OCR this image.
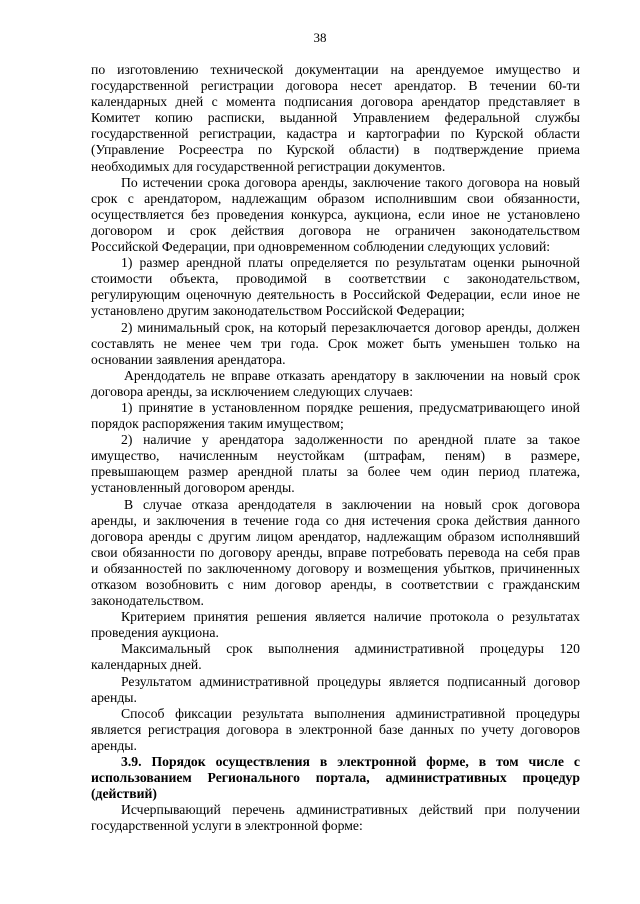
38
по изготовлению технической документации на арендуемое имущество и
государственной регистрации договора несет арендатор. В течении 60-ти
календарных дней с момента подписания договора арендатор представляет в
Комитет копию расписки, выданной Управлением федеральной службы
государственной регистрации, кадастра и картографии по Курской области
(Управление Росреестра по Курской области) в подтверждение приема
необходимых для государственной регистрации документов.
По истечении срока договора аренды, заключение такого договора на новый
срок с арендатором, надлежащим образом исполнившим свои обязанности,
осуществляется без проведения конкурса, аукциона, если иное не установлено
договором и срок действия договора не ограничен законодательством
Российской Федерации, при одновременном соблюдении следующих условий:
1) размер арендной платы определяется по результатам оценки рыночной
стоимости объекта, проводимой в соответствии с законодательством,
регулирующим оценочную деятельность в Российской Федерации, если иное не
установлено другим законодательством Российской Федерации;
2) минимальный срок, на который перезаключается договор аренды, должен
составлять не менее чем три года. Срок может быть уменьшен только на
основании заявления арендатора.
Арендодатель не вправе отказать арендатору в заключении на новый срок
договора аренды, за исключением следующих случаев:
1) принятие в установленном порядке решения, предусматривающего иной
порядок распоряжения таким имуществом;
2) наличие у арендатора задолженности по арендной плате за такое
имущество, начисленным неустойкам (штрафам, пеням) в размере,
превышающем размер арендной платы за более чем один период платежа,
установленный договором аренды.
В случае отказа арендодателя в заключении на новый срок договора
аренды, и заключения в течение года со дня истечения срока действия данного
договора аренды с другим лицом арендатор, надлежащим образом исполнявший
свои обязанности по договору аренды, вправе потребовать перевода на себя прав
и обязанностей по заключенному договору и возмещения убытков, причиненных
отказом возобновить с ним договор аренды, в соответствии с гражданским
законодательством.
Критерием принятия решения является наличие протокола о результатах
проведения аукциона.
Максимальный срок выполнения административной процедуры 120
календарных дней.
Результатом административной процедуры является подписанный договор
аренды.
Способ фиксации результата выполнения административной процедуры
является регистрация договора в электронной базе данных по учету договоров
аренды.
3.9. Порядок осуществления в электронной форме, в том числе с
использованием Регионального портала, административных процедур
(действий)
Исчерпывающий перечень административных действий при получении
государственной услуги в электронной форме:
